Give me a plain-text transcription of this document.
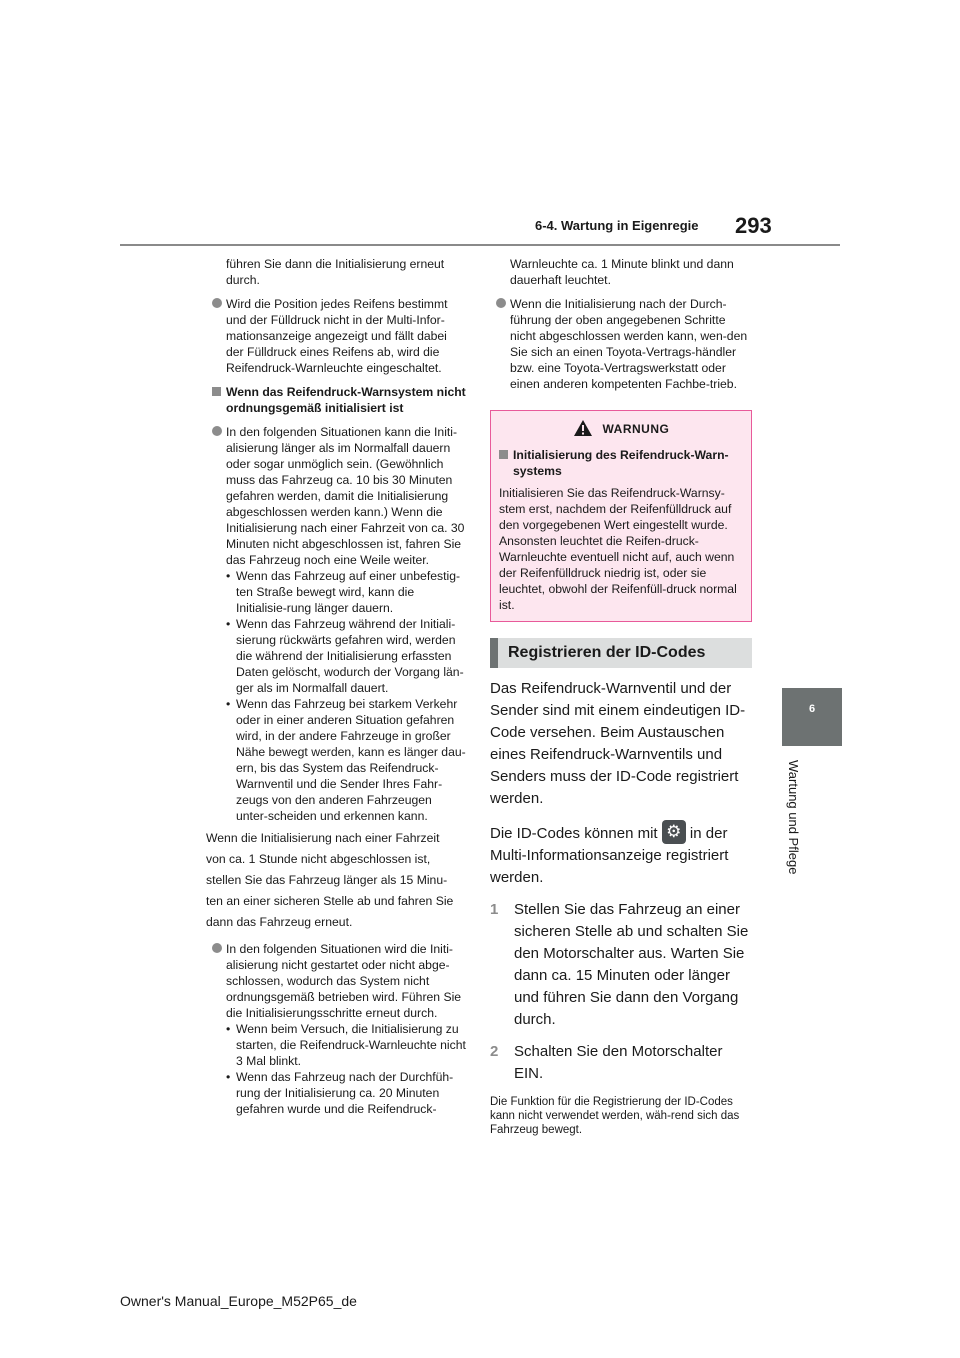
6-4. Wartung in Eigenregie 293
6
Wartung und Pflege

führen Sie dann die Initialisierung erneut durch.

Wird die Position jedes Reifens bestimmt und der Fülldruck nicht in der Multi-Infor-mationsanzeige angezeigt und fällt dabei der Fülldruck eines Reifens ab, wird die Reifendruck-Warnleuchte eingeschaltet.
Wenn das Reifendruck-Warnsystem nicht ordnungsgemäß initialisiert ist
In den folgenden Situationen kann die Initi-alisierung länger als im Normalfall dauern oder sogar unmöglich sein. (Gewöhnlich muss das Fahrzeug ca. 10 bis 30 Minuten gefahren werden, damit die Initialisierung abgeschlossen werden kann.) Wenn die Initialisierung nach einer Fahrzeit von ca. 30 Minuten nicht abgeschlossen ist, fahren Sie das Fahrzeug noch eine Weile weiter.
• Wenn das Fahrzeug auf einer unbefestig-ten Straße bewegt wird, kann die Initialisie-rung länger dauern.
• Wenn das Fahrzeug während der Initiali-sierung rückwärts gefahren wird, werden die während der Initialisierung erfassten Daten gelöscht, wodurch der Vorgang län-ger als im Normalfall dauert.
• Wenn das Fahrzeug bei starkem Verkehr oder in einer anderen Situation gefahren wird, in der andere Fahrzeuge in großer Nähe bewegt werden, kann es länger dau-ern, bis das System das Reifendruck-Warnventil und die Sender Ihres Fahr-zeugs von den anderen Fahrzeugen unter-scheiden und erkennen kann.

Wenn die Initialisierung nach einer Fahrzeit

von ca. 1 Stunde nicht abgeschlossen ist,

stellen Sie das Fahrzeug länger als 15 Minu-

ten an einer sicheren Stelle ab und fahren Sie

dann das Fahrzeug erneut.

In den folgenden Situationen wird die Initi-alisierung nicht gestartet oder nicht abge-schlossen, wodurch das System nicht ordnungsgemäß betrieben wird. Führen Sie die Initialisierungsschritte erneut durch.
• Wenn beim Versuch, die Initialisierung zu starten, die Reifendruck-Warnleuchte nicht 3 Mal blinkt.
• Wenn das Fahrzeug nach der Durchfüh-rung der Initialisierung ca. 20 Minuten gefahren wurde und die Reifendruck-

Warnleuchte ca. 1 Minute blinkt und dann dauerhaft leuchtet.

Wenn die Initialisierung nach der Durch-führung der oben angegebenen Schritte nicht abgeschlossen werden kann, wen-den Sie sich an einen Toyota-Vertrags-händler bzw. eine Toyota-Vertragswerkstatt oder einen anderen kompetenten Fachbe-trieb.
WARNUNG
Initialisierung des Reifendruck-Warn-systems

Initialisieren Sie das Reifendruck-Warnsy-stem erst, nachdem der Reifenfülldruck auf den vorgegebenen Wert eingestellt wurde. Ansonsten leuchtet die Reifen-druck-Warnleuchte eventuell nicht auf, auch wenn der Reifenfülldruck niedrig ist, oder sie leuchtet, obwohl der Reifenfüll-druck normal ist.

Registrieren der ID-Codes

Das Reifendruck-Warnventil und der Sender sind mit einem eindeutigen ID-Code versehen. Beim Austauschen eines Reifendruck-Warnventils und Senders muss der ID-Code registriert werden.

Die ID-Codes können mit ⚙ in der

Multi-Informationsanzeige registriert werden.

1 Stellen Sie das Fahrzeug an einer sicheren Stelle ab und schalten Sie den Motorschalter aus. Warten Sie dann ca. 15 Minuten oder länger und führen Sie dann den Vorgang durch.
2 Schalten Sie den Motorschalter EIN.

Die Funktion für die Registrierung der ID-Codes kann nicht verwendet werden, wäh-rend sich das Fahrzeug bewegt.

Owner's Manual_Europe_M52P65_de
